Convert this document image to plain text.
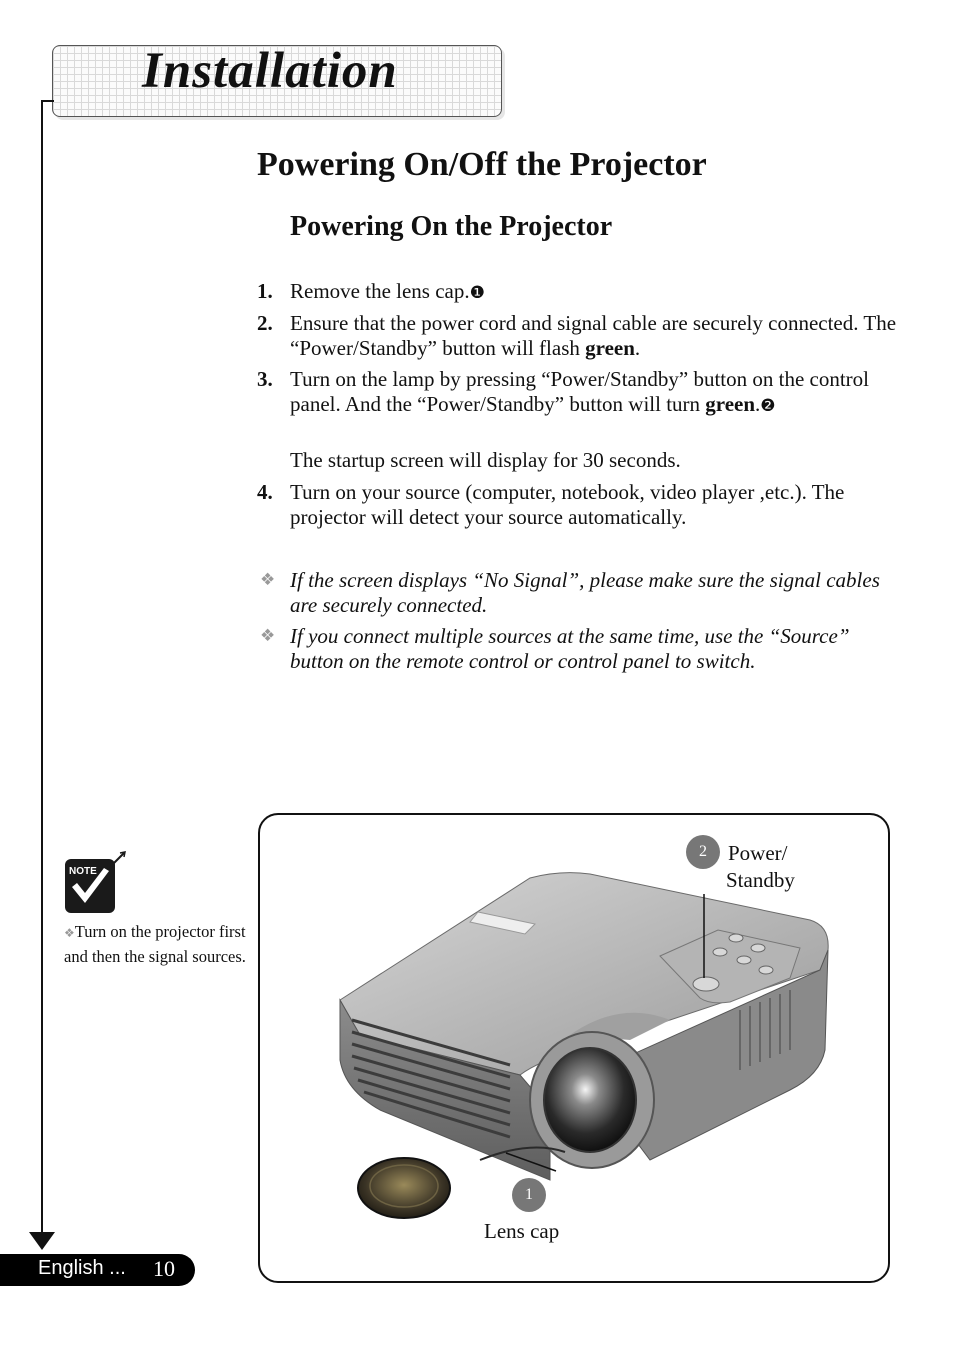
Installation
Powering On/Off the Projector
Powering On the Projector
1. Remove the lens cap.❶
2. Ensure that the power cord and signal cable are securely connected. The “Power/Standby” button will flash green.
3. Turn on the lamp by pressing “Power/Standby” button on the control panel. And the “Power/Standby” button will turn green.❷
The startup screen will display for 30 seconds.
4. Turn on your source (computer, notebook, video player ,etc.). The projector will detect your source automatically.
❖ If the screen displays “No Signal”, please make sure the signal cables are securely connected.
❖ If you connect multiple sources at the same time, use the “Source” button on the remote control or control panel to switch.
NOTE
❖Turn on the projector first and then the signal sources.
2	Power/
Standby
1
Lens cap
English ... 10
